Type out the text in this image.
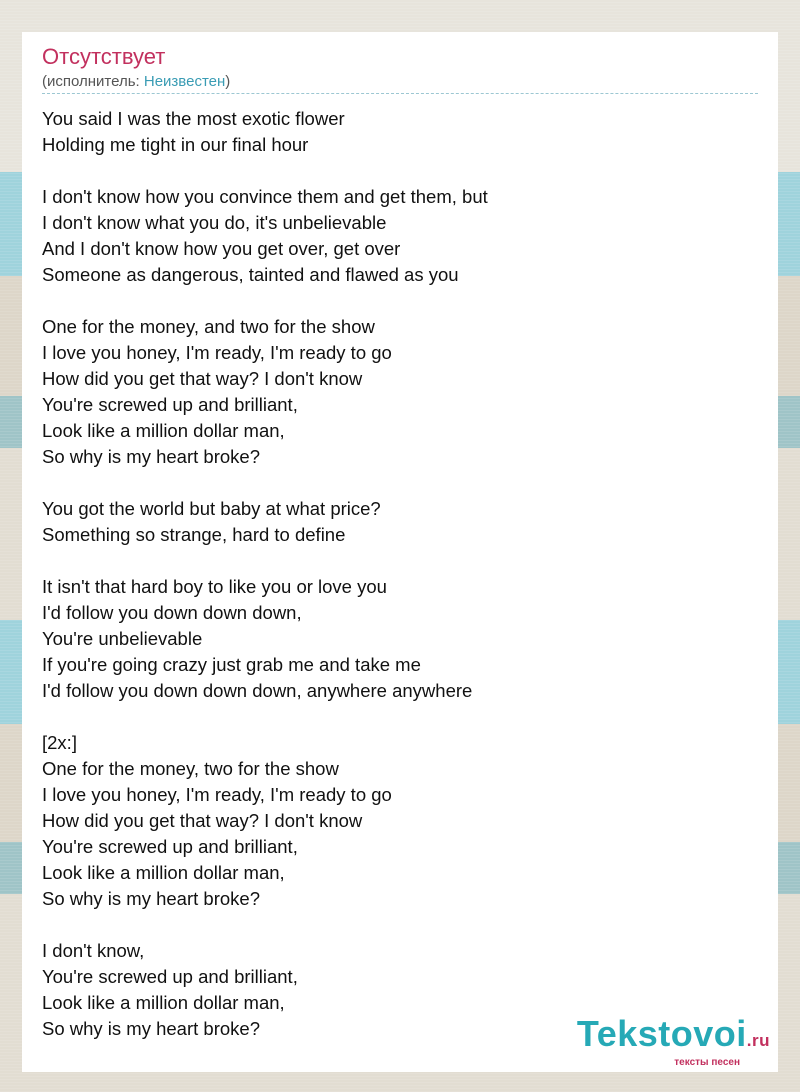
Отсутствует
(исполнитель: Неизвестен)
You said I was the most exotic flower
Holding me tight in our final hour
I don't know how you convince them and get them, but
I don't know what you do, it's unbelievable
And I don't know how you get over, get over
Someone as dangerous, tainted and flawed as you
One for the money, and two for the show
I love you honey, I'm ready, I'm ready to go
How did you get that way? I don't know
You're screwed up and brilliant,
Look like a million dollar man,
So why is my heart broke?
You got the world but baby at what price?
Something so strange, hard to define
It isn't that hard boy to like you or love you
I'd follow you down down down,
You're unbelievable
If you're going crazy just grab me and take me
I'd follow you down down down, anywhere anywhere
[2x:]
One for the money, two for the show
I love you honey, I'm ready, I'm ready to go
How did you get that way? I don't know
You're screwed up and brilliant,
Look like a million dollar man,
So why is my heart broke?
I don't know,
You're screwed up and brilliant,
Look like a million dollar man,
So why is my heart broke?	Tekstovoi.ru
тексты песен
